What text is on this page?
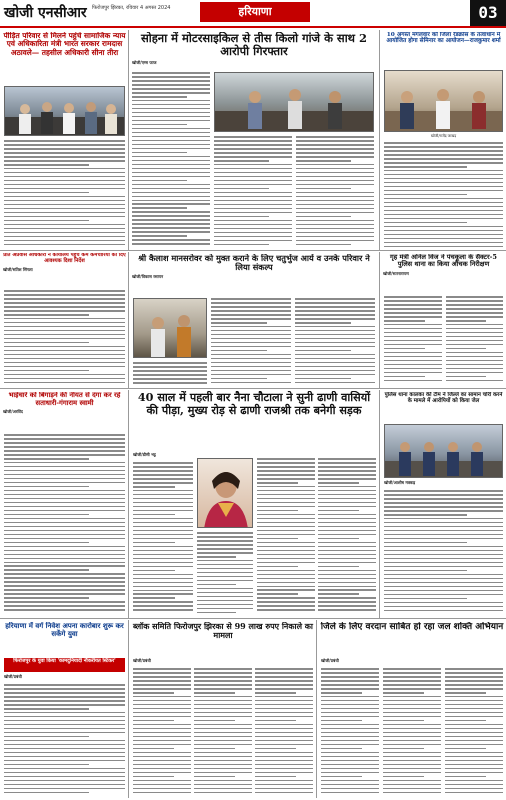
खोजी एनसीआर फिरोजपुर झिरका, रविवार 4 अगस्त 2024	हरियाणा	03
पीड़ित परिवार से मिलने पहुंचे सामाजिक न्याय एवं अधिकारिता मंत्री भारत सरकार रामदास अठावले— तहसील अधिकारी सीना तीरा
सोहना में मोटरसाइकिल से तीस किलो गांजे के साथ 2 आरोपी गिरफ्तार
खोजी/एम्स फाज
10 अगस्त मंगलवार को जिला रेडक्रॉस के तत्वाधान में आयोजित होगा सेमिनार का आयोजन—राजकुमार शर्मा
खोजी/राजेंद्र जाखड़
प्रति अप्रवास अधिकारी ने कार्यालय पहुंच कर्म कर्मचारियों को दिए आवश्यक दिशा निर्देश
खोजी/सतिश सिंगला
श्री कैलाश मानसरोवर को मुक्त कराने के लिए चतुर्भुज आर्य व उनके परिवार ने लिया संकल्प
खोजी/विकास रसायन
गृह मंत्री अनिल विज ने पंचकूला के सैक्टर-5 पुलिस थाना का किया औचक निरीक्षण
खोजी/सतनारायण
भाईचारे को बिगाड़ने की नीयत से दंगा कर रहे सताधारी-गंगाराम स्वामी
खोजी/अरविंद
40 साल में पहली बार नैना चौटाला ने सुनी ढाणी वासियों की पीड़ा, मुख्य रोड़ से ढाणी राजश्री तक बनेगी सड़क
खोजी/डीसी भट्ट
पुलिस थाना कालका की टीम ने जिल्ले का सामान चोरी करने के मामले में आरोपियों को किया जेल
खोजी/आशीष मक्कड़
हरियाणा में वर्ग निवेश अपना कारोबार शुरू कर सकेंगे युवा
फिरोजपुर के युवा किया 'कामदुनियादी नौकरीयत स्टिकर'
खोजी/प्रबंधी
ब्लॉक समिति फिरोजपुर झिरका से 99 लाख रुपए निकाले का मामला
खोजी/प्रबंधी
जिले के लिए वरदान साबित हो रहा जल शक्ति अभियान
खोजी/प्रबंधी
